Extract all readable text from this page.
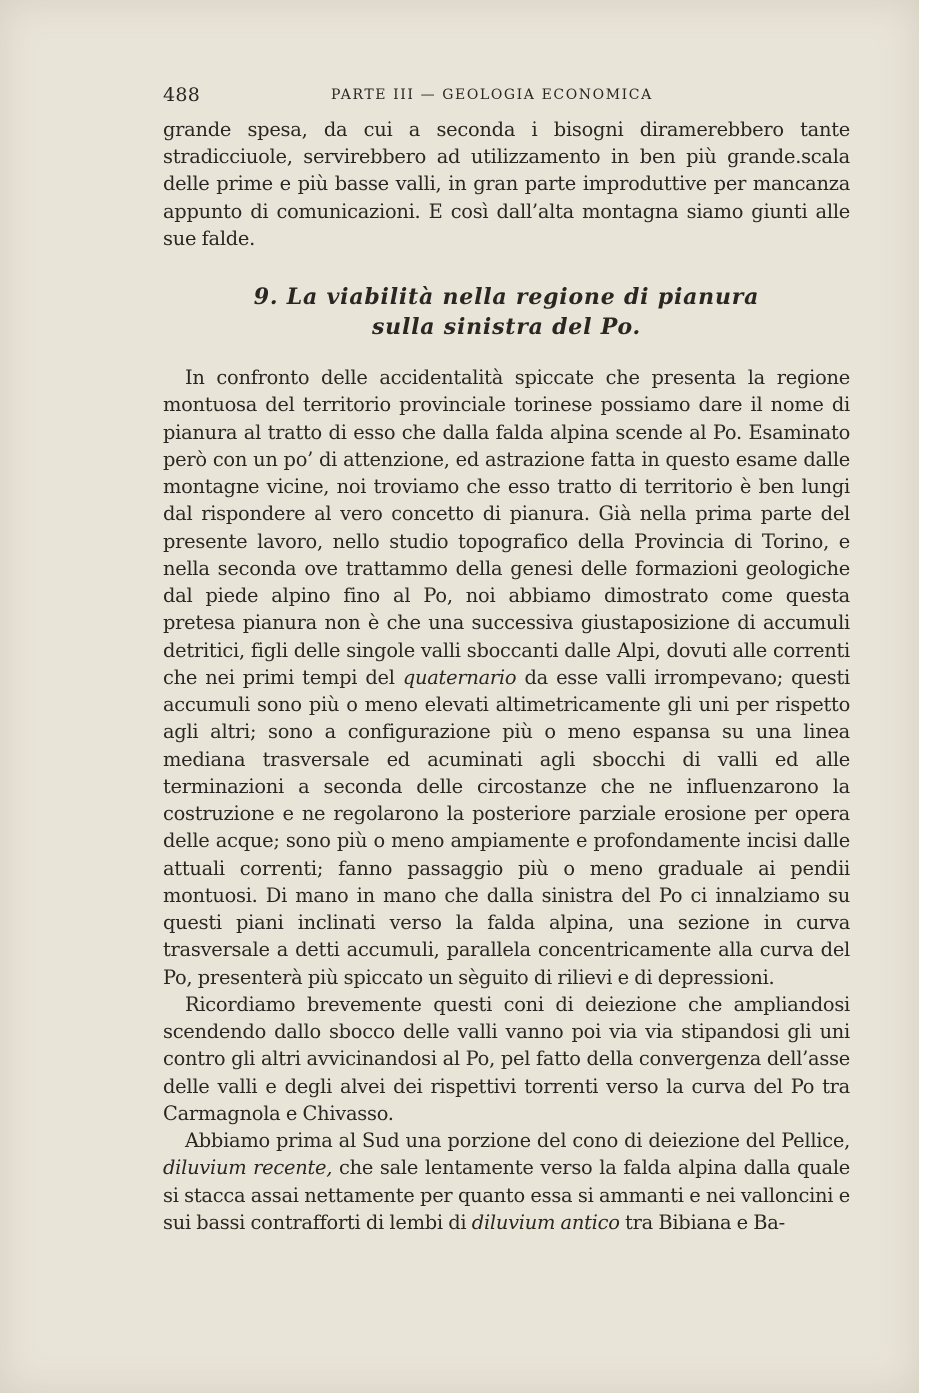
488	PARTE III — GEOLOGIA ECONOMICA

grande spesa, da cui a seconda i bisogni diramerebbero tante stradicciuole, servirebbero ad utilizzamento in ben più grande.scala delle prime e più basse valli, in gran parte improduttive per mancanza appunto di comunicazioni. E così dall’alta montagna siamo giunti alle sue falde.

9. La viabilità nella regione di pianura
sulla sinistra del Po.

In confronto delle accidentalità spiccate che presenta la regione montuosa del territorio provinciale torinese possiamo dare il nome di pianura al tratto di esso che dalla falda alpina scende al Po. Esaminato però con un po’ di attenzione, ed astrazione fatta in questo esame dalle montagne vicine, noi troviamo che esso tratto di territorio è ben lungi dal rispondere al vero concetto di pianura. Già nella prima parte del presente lavoro, nello studio topografico della Provincia di Torino, e nella seconda ove trattammo della genesi delle formazioni geologiche dal piede alpino fino al Po, noi abbiamo dimostrato come questa pretesa pianura non è che una successiva giustaposizione di accumuli detritici, figli delle singole valli sboccanti dalle Alpi, dovuti alle correnti che nei primi tempi del quaternario da esse valli irrompevano; questi accumuli sono più o meno elevati altimetricamente gli uni per rispetto agli altri; sono a configurazione più o meno espansa su una linea mediana trasversale ed acuminati agli sbocchi di valli ed alle terminazioni a seconda delle circostanze che ne influenzarono la costruzione e ne regolarono la posteriore parziale erosione per opera delle acque; sono più o meno ampiamente e profondamente incisi dalle attuali correnti; fanno passaggio più o meno graduale ai pendii montuosi. Di mano in mano che dalla sinistra del Po ci innalziamo su questi piani inclinati verso la falda alpina, una sezione in curva trasversale a detti accumuli, parallela concentricamente alla curva del Po, presenterà più spiccato un sèguito di rilievi e di depressioni.

Ricordiamo brevemente questi coni di deiezione che ampliandosi scendendo dallo sbocco delle valli vanno poi via via stipandosi gli uni contro gli altri avvicinandosi al Po, pel fatto della convergenza dell’asse delle valli e degli alvei dei rispettivi torrenti verso la curva del Po tra Carmagnola e Chivasso.

Abbiamo prima al Sud una porzione del cono di deiezione del Pellice, diluvium recente, che sale lentamente verso la falda alpina dalla quale si stacca assai nettamente per quanto essa si ammanti e nei valloncini e sui bassi contrafforti di lembi di diluvium antico tra Bibiana e Ba-
